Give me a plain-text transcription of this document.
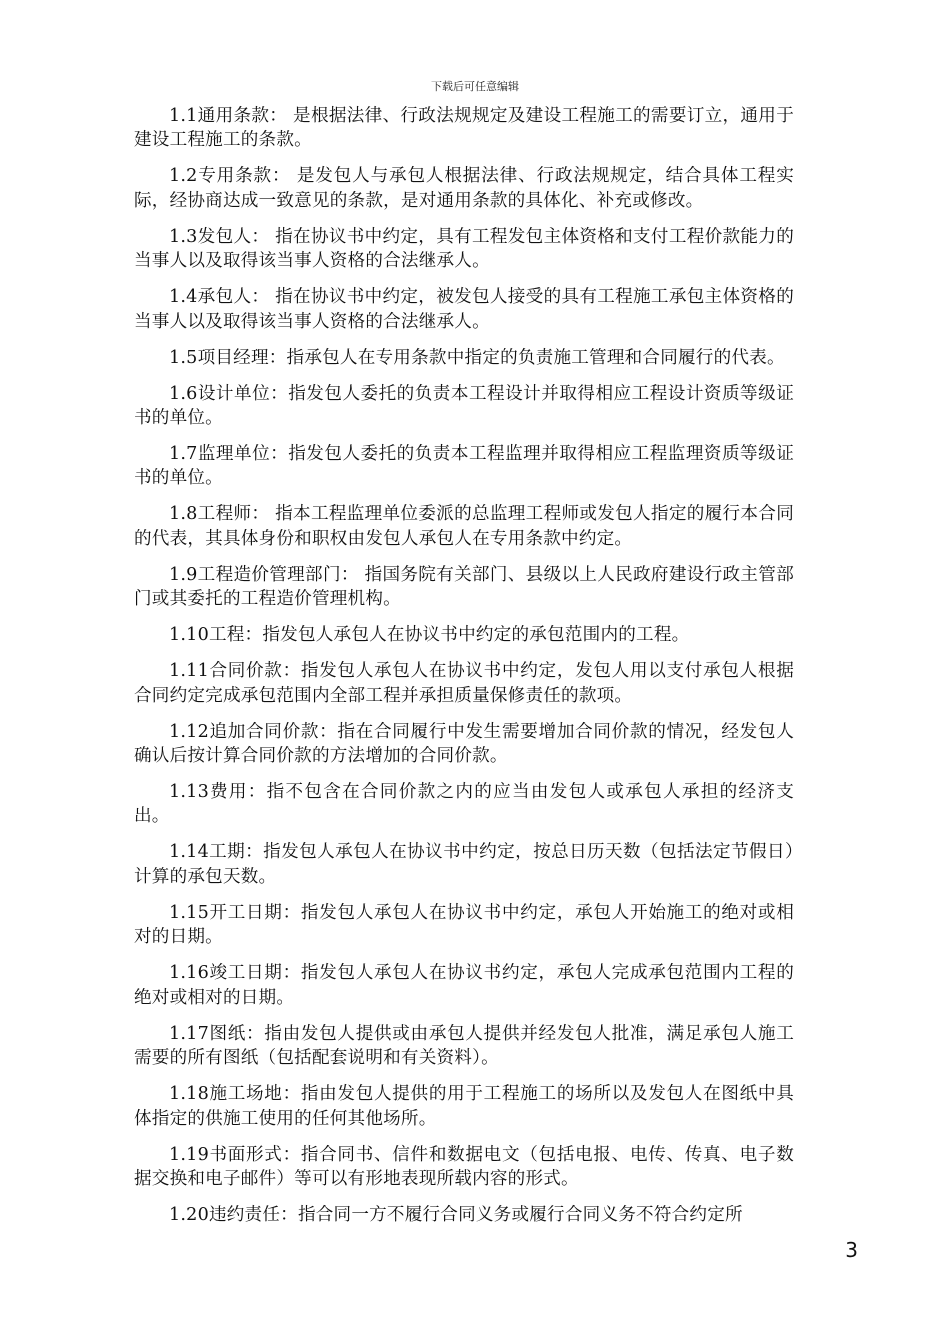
下载后可任意编辑

1.1通用条款： 是根据法律、行政法规规定及建设工程施工的需要订立，通用于建设工程施工的条款。

1.2专用条款： 是发包人与承包人根据法律、行政法规规定，结合具体工程实际，经协商达成一致意见的条款，是对通用条款的具体化、补充或修改。

1.3发包人： 指在协议书中约定，具有工程发包主体资格和支付工程价款能力的当事人以及取得该当事人资格的合法继承人。

1.4承包人： 指在协议书中约定，被发包人接受的具有工程施工承包主体资格的当事人以及取得该当事人资格的合法继承人。

1.5项目经理：指承包人在专用条款中指定的负责施工管理和合同履行的代表。

1.6设计单位：指发包人委托的负责本工程设计并取得相应工程设计资质等级证书的单位。

1.7监理单位：指发包人委托的负责本工程监理并取得相应工程监理资质等级证书的单位。

1.8工程师： 指本工程监理单位委派的总监理工程师或发包人指定的履行本合同的代表，其具体身份和职权由发包人承包人在专用条款中约定。

1.9工程造价管理部门： 指国务院有关部门、县级以上人民政府建设行政主管部门或其委托的工程造价管理机构。

1.10工程：指发包人承包人在协议书中约定的承包范围内的工程。

1.11合同价款：指发包人承包人在协议书中约定，发包人用以支付承包人根据合同约定完成承包范围内全部工程并承担质量保修责任的款项。

1.12追加合同价款：指在合同履行中发生需要增加合同价款的情况，经发包人确认后按计算合同价款的方法增加的合同价款。

1.13费用：指不包含在合同价款之内的应当由发包人或承包人承担的经济支出。

1.14工期：指发包人承包人在协议书中约定，按总日历天数（包括法定节假日）计算的承包天数。

1.15开工日期：指发包人承包人在协议书中约定，承包人开始施工的绝对或相对的日期。

1.16竣工日期：指发包人承包人在协议书约定，承包人完成承包范围内工程的绝对或相对的日期。

1.17图纸：指由发包人提供或由承包人提供并经发包人批准，满足承包人施工需要的所有图纸（包括配套说明和有关资料）。

1.18施工场地：指由发包人提供的用于工程施工的场所以及发包人在图纸中具体指定的供施工使用的任何其他场所。

1.19书面形式：指合同书、信件和数据电文（包括电报、电传、传真、电子数据交换和电子邮件）等可以有形地表现所载内容的形式。

1.20违约责任：指合同一方不履行合同义务或履行合同义务不符合约定所

3
